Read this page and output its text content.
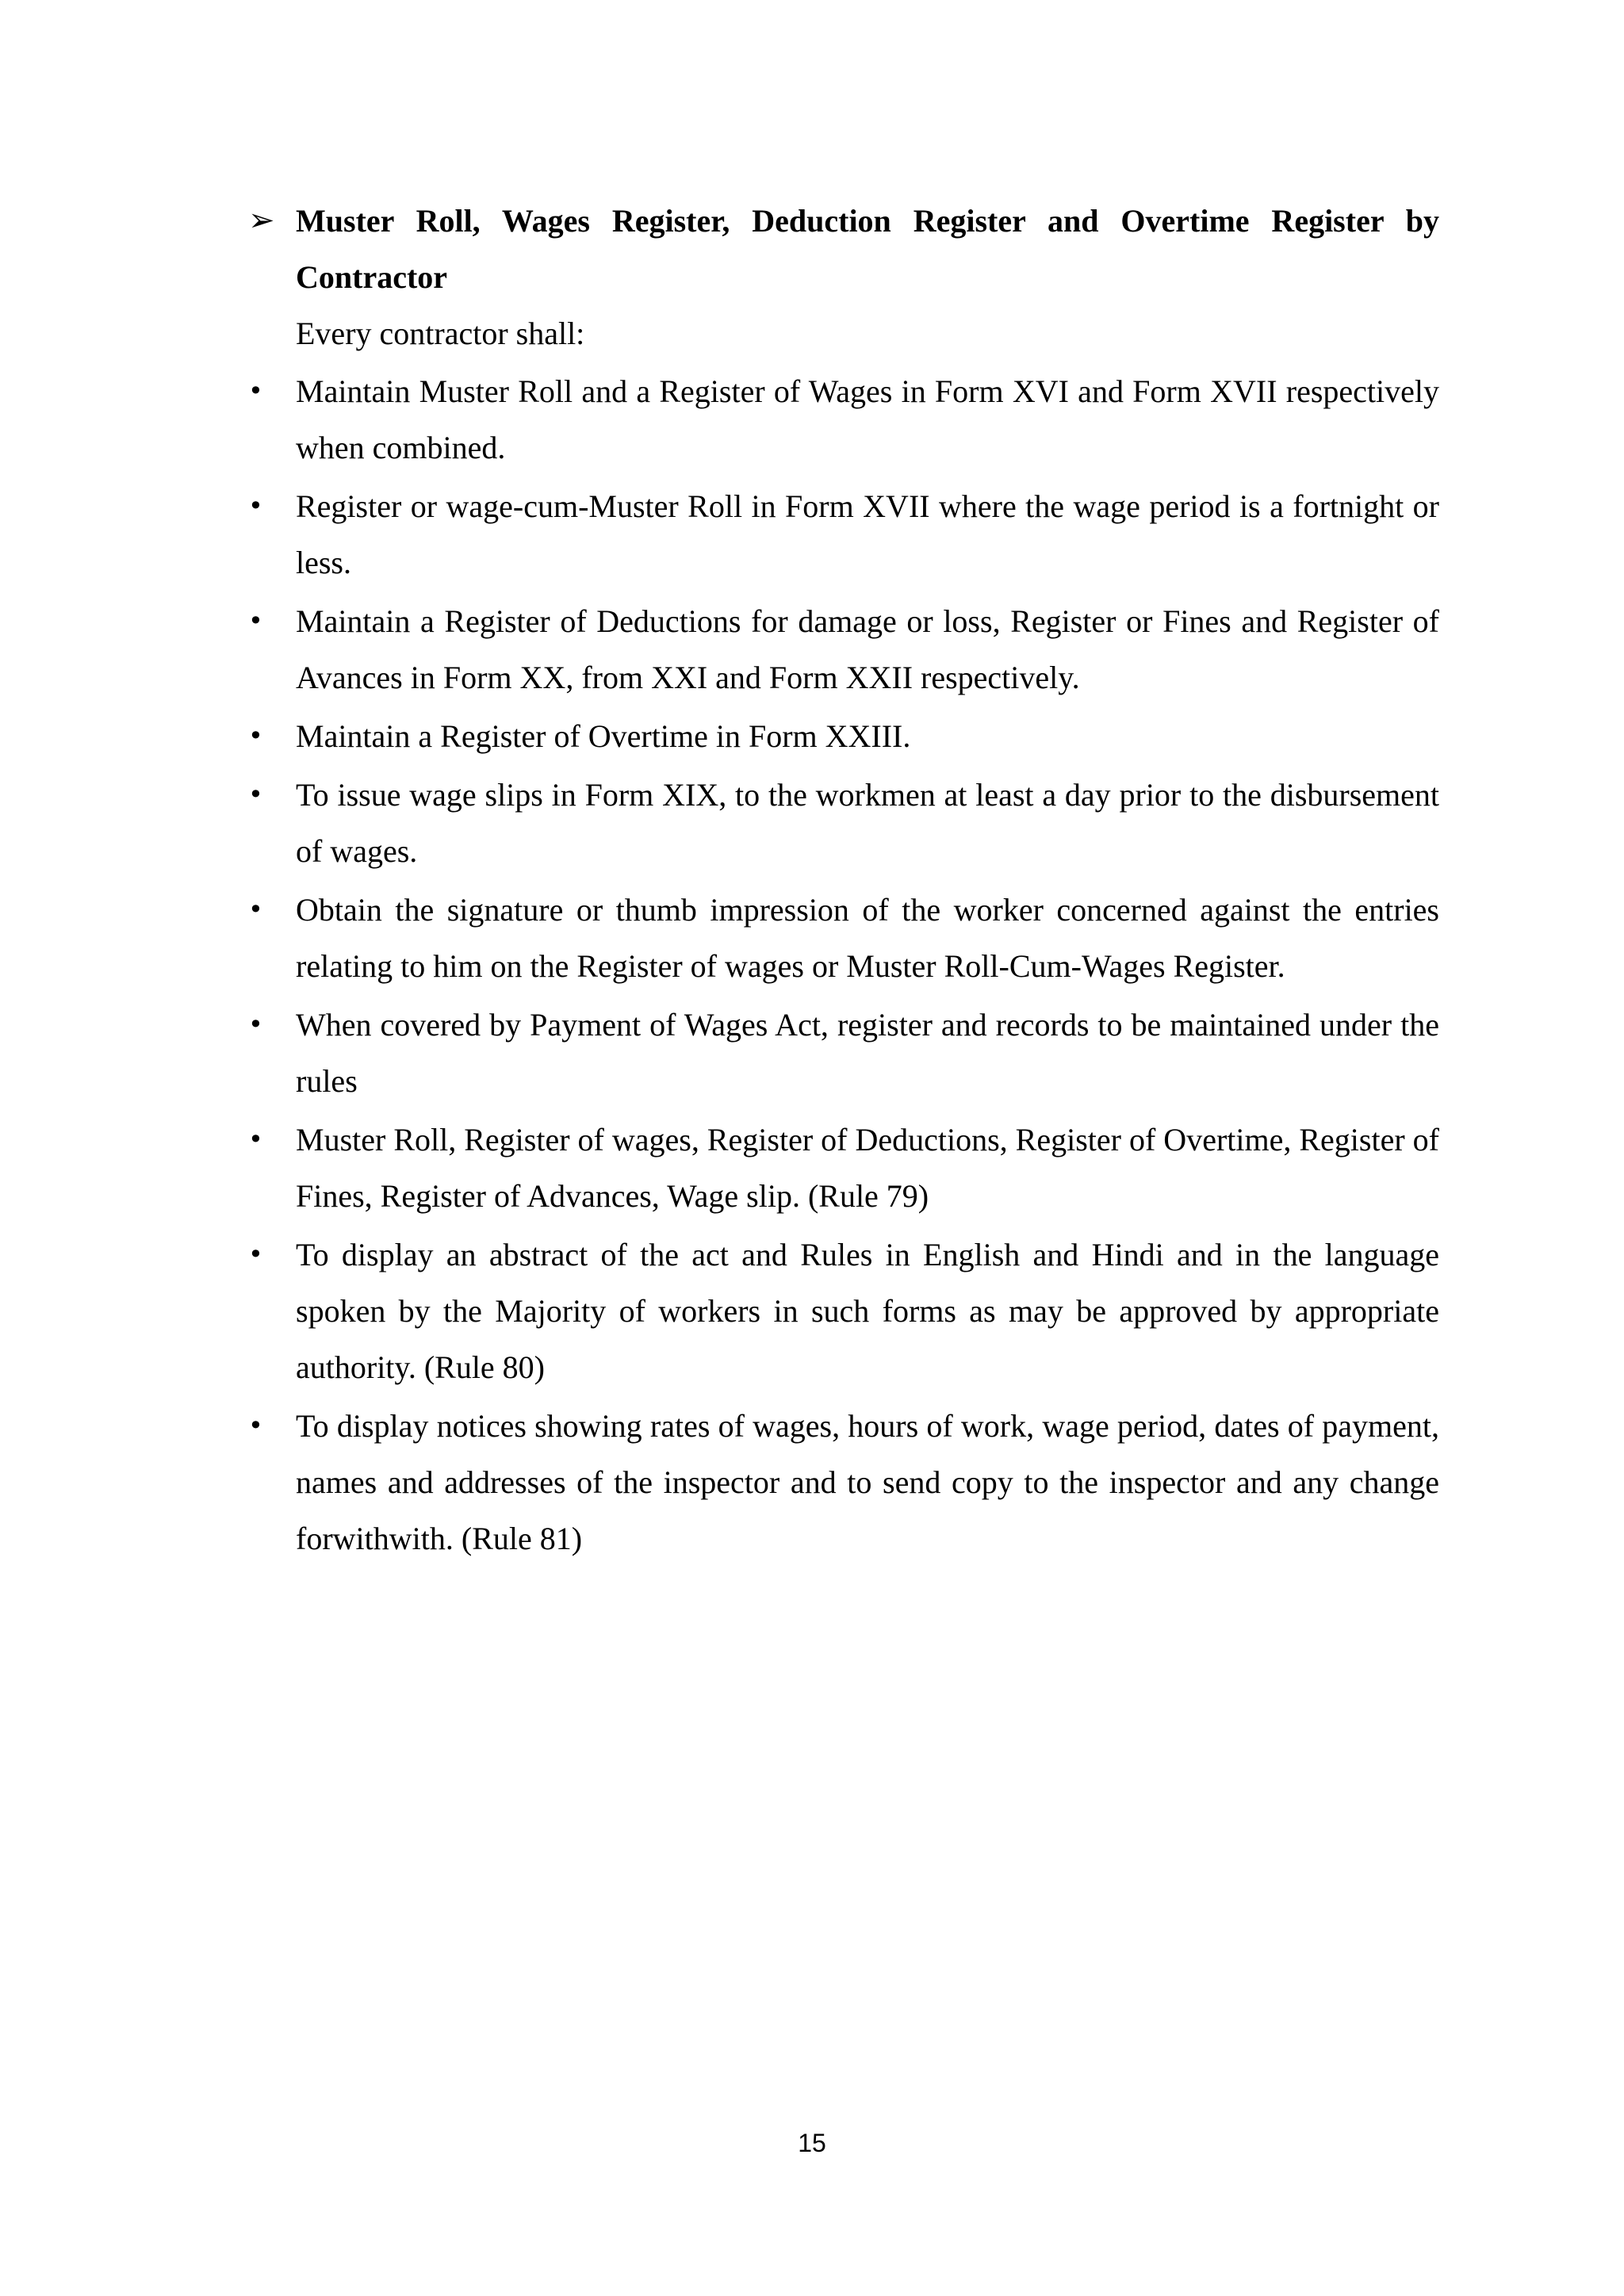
➢ Muster Roll, Wages Register, Deduction Register and Overtime Register by Contractor
Every contractor shall:
• Maintain Muster Roll and a Register of Wages in Form XVI and Form XVII respectively when combined.
• Register or wage-cum-Muster Roll in Form XVII where the wage period is a fortnight or less.
• Maintain a Register of Deductions for damage or loss, Register or Fines and Register of Avances in Form XX, from XXI and Form XXII respectively.
• Maintain a Register of Overtime in Form XXIII.
• To issue wage slips in Form XIX, to the workmen at least a day prior to the disbursement of wages.
• Obtain the signature or thumb impression of the worker concerned against the entries relating to him on the Register of wages or Muster Roll-Cum-Wages Register.
• When covered by Payment of Wages Act, register and records to be maintained under the rules
• Muster Roll, Register of wages, Register of Deductions, Register of Overtime, Register of Fines, Register of Advances, Wage slip. (Rule 79)
• To display an abstract of the act and Rules in English and Hindi and in the language spoken by the Majority of workers in such forms as may be approved by appropriate authority. (Rule 80)
• To display notices showing rates of wages, hours of work, wage period, dates of payment, names and addresses of the inspector and to send copy to the inspector and any change forwithwith. (Rule 81)
15
